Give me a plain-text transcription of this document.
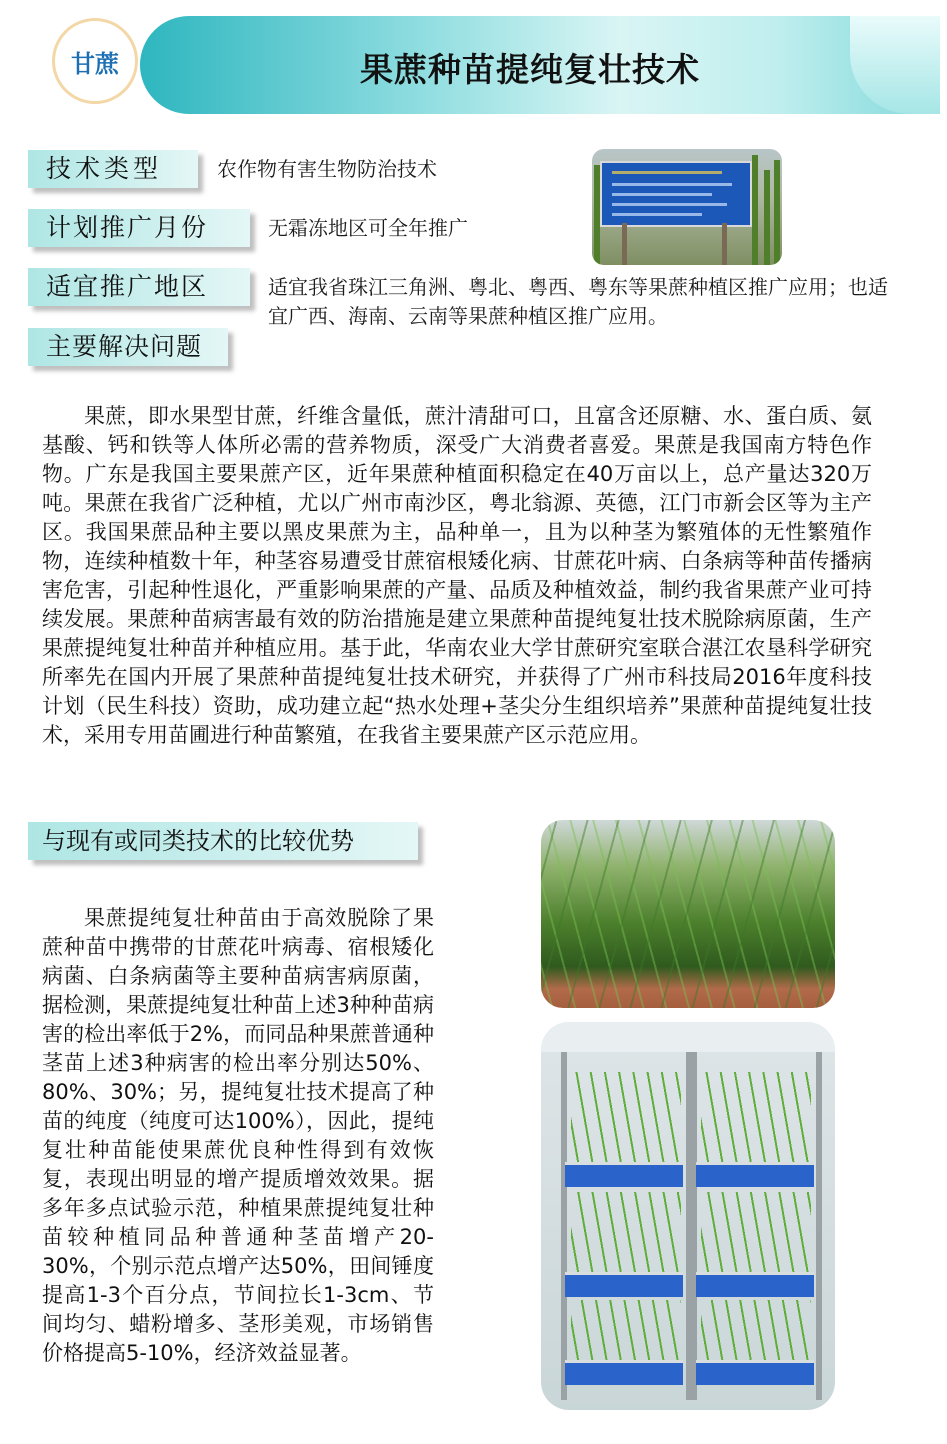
甘蔗	果蔗种苗提纯复壮技术
技术类型	农作物有害生物防治技术
计划推广月份	无霜冻地区可全年推广
适宜推广地区	适宜我省珠江三角洲、粤北、粤西、粤东等果蔗种植区推广应用；也适宜广西、海南、云南等果蔗种植区推广应用。
主要解决问题

果蔗，即水果型甘蔗，纤维含量低，蔗汁清甜可口，且富含还原糖、水、蛋白质、氨基酸、钙和铁等人体所必需的营养物质，深受广大消费者喜爱。果蔗是我国南方特色作物。广东是我国主要果蔗产区，近年果蔗种植面积稳定在40万亩以上，总产量达320万吨。果蔗在我省广泛种植，尤以广州市南沙区，粤北翁源、英德，江门市新会区等为主产区。我国果蔗品种主要以黑皮果蔗为主，品种单一，且为以种茎为繁殖体的无性繁殖作物，连续种植数十年，种茎容易遭受甘蔗宿根矮化病、甘蔗花叶病、白条病等种苗传播病害危害，引起种性退化，严重影响果蔗的产量、品质及种植效益，制约我省果蔗产业可持续发展。果蔗种苗病害最有效的防治措施是建立果蔗种苗提纯复壮技术脱除病原菌，生产果蔗提纯复壮种苗并种植应用。基于此，华南农业大学甘蔗研究室联合湛江农垦科学研究所率先在国内开展了果蔗种苗提纯复壮技术研究，并获得了广州市科技局2016年度科技计划（民生科技）资助，成功建立起“热水处理+茎尖分生组织培养”果蔗种苗提纯复壮技术，采用专用苗圃进行种苗繁殖，在我省主要果蔗产区示范应用。

与现有或同类技术的比较优势

果蔗提纯复壮种苗由于高效脱除了果蔗种苗中携带的甘蔗花叶病毒、宿根矮化病菌、白条病菌等主要种苗病害病原菌，据检测，果蔗提纯复壮种苗上述3种种苗病害的检出率低于2%，而同品种果蔗普通种茎苗上述3种病害的检出率分别达50%、80%、30%；另，提纯复壮技术提高了种苗的纯度（纯度可达100%），因此，提纯复壮种苗能使果蔗优良种性得到有效恢复，表现出明显的增产提质增效效果。据多年多点试验示范，种植果蔗提纯复壮种苗较种植同品种普通种茎苗增产20-30%，个别示范点增产达50%，田间锤度提高1-3个百分点，节间拉长1-3cm、节间均匀、蜡粉增多、茎形美观，市场销售价格提高5-10%，经济效益显著。
